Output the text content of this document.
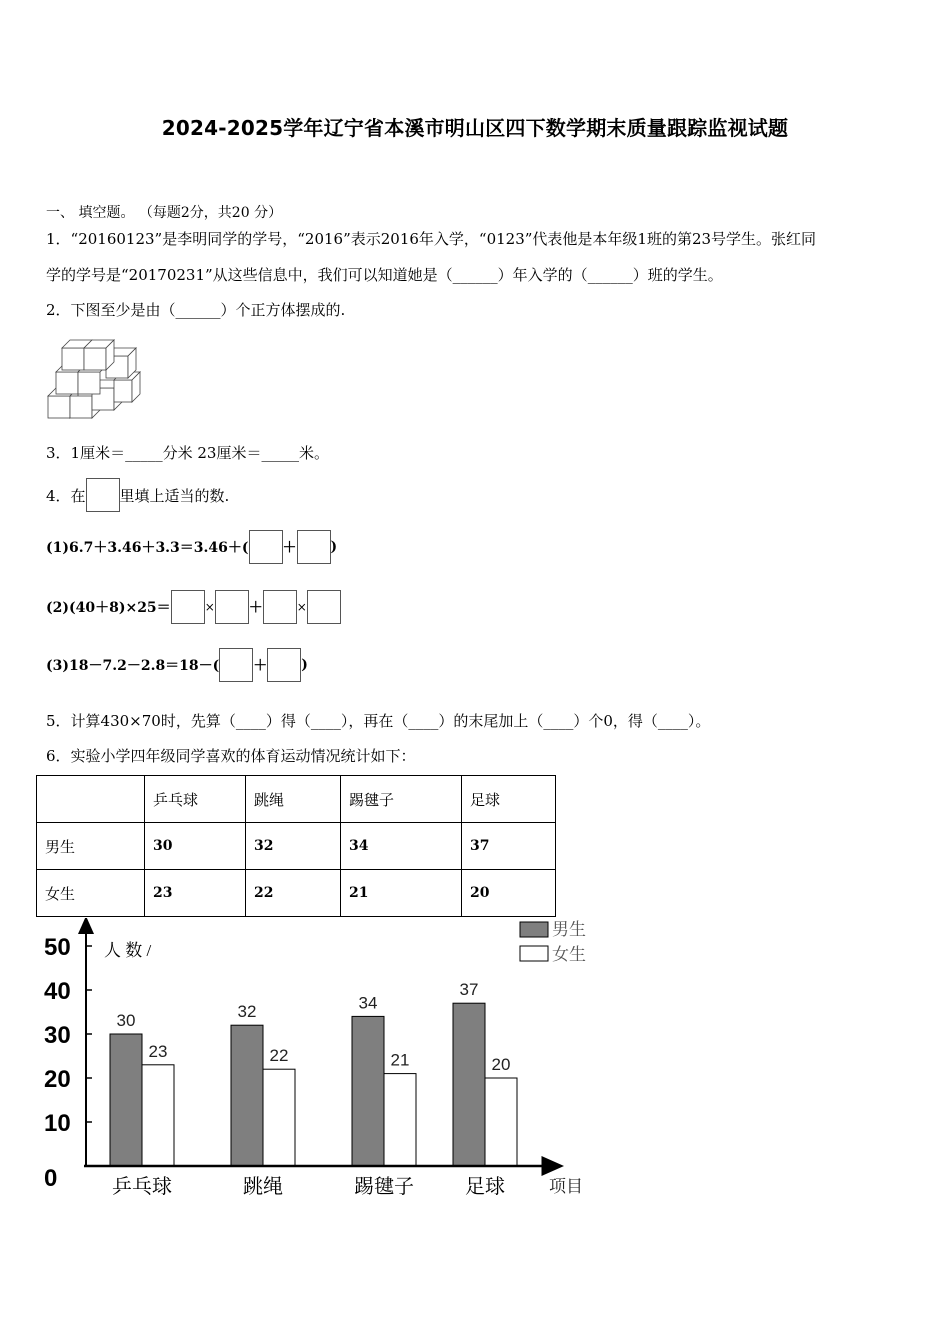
2024-2025学年辽宁省本溪市明山区四下数学期末质量跟踪监视试题
一、 填空题。 （每题2分，共20 分）
1．“20160123”是李明同学的学号，“2016”表示2016年入学，“0123”代表他是本年级1班的第23号学生。张红同
学的学号是“20170231”从这些信息中，我们可以知道她是（______）年入学的（______）班的学生。
2．下图至少是由（______）个正方体摆成的.
3．1厘米＝_____分米 23厘米＝_____米。
4．在 里填上适当的数.
(1)6.7＋3.46＋3.3＝3.46＋( ＋ )
(2)(40＋8)×25＝	× ＋	×
(3)18－7.2－2.8＝18－( ＋ )
5．计算430×70时，先算（____）得（____），再在（____）的末尾加上（____）个0，得（____）。
6．实验小学四年级同学喜欢的体育运动情况统计如下：
	乒乓球	跳绳	踢毽子	足球
男生	30	32	34	37
女生	23	22	21	20
30
23
32
22
34
21
37
20
0
10
20
30
40
50
乒乓球	跳绳	踢毽子	足球
人 数 /
项目
男生
女生
